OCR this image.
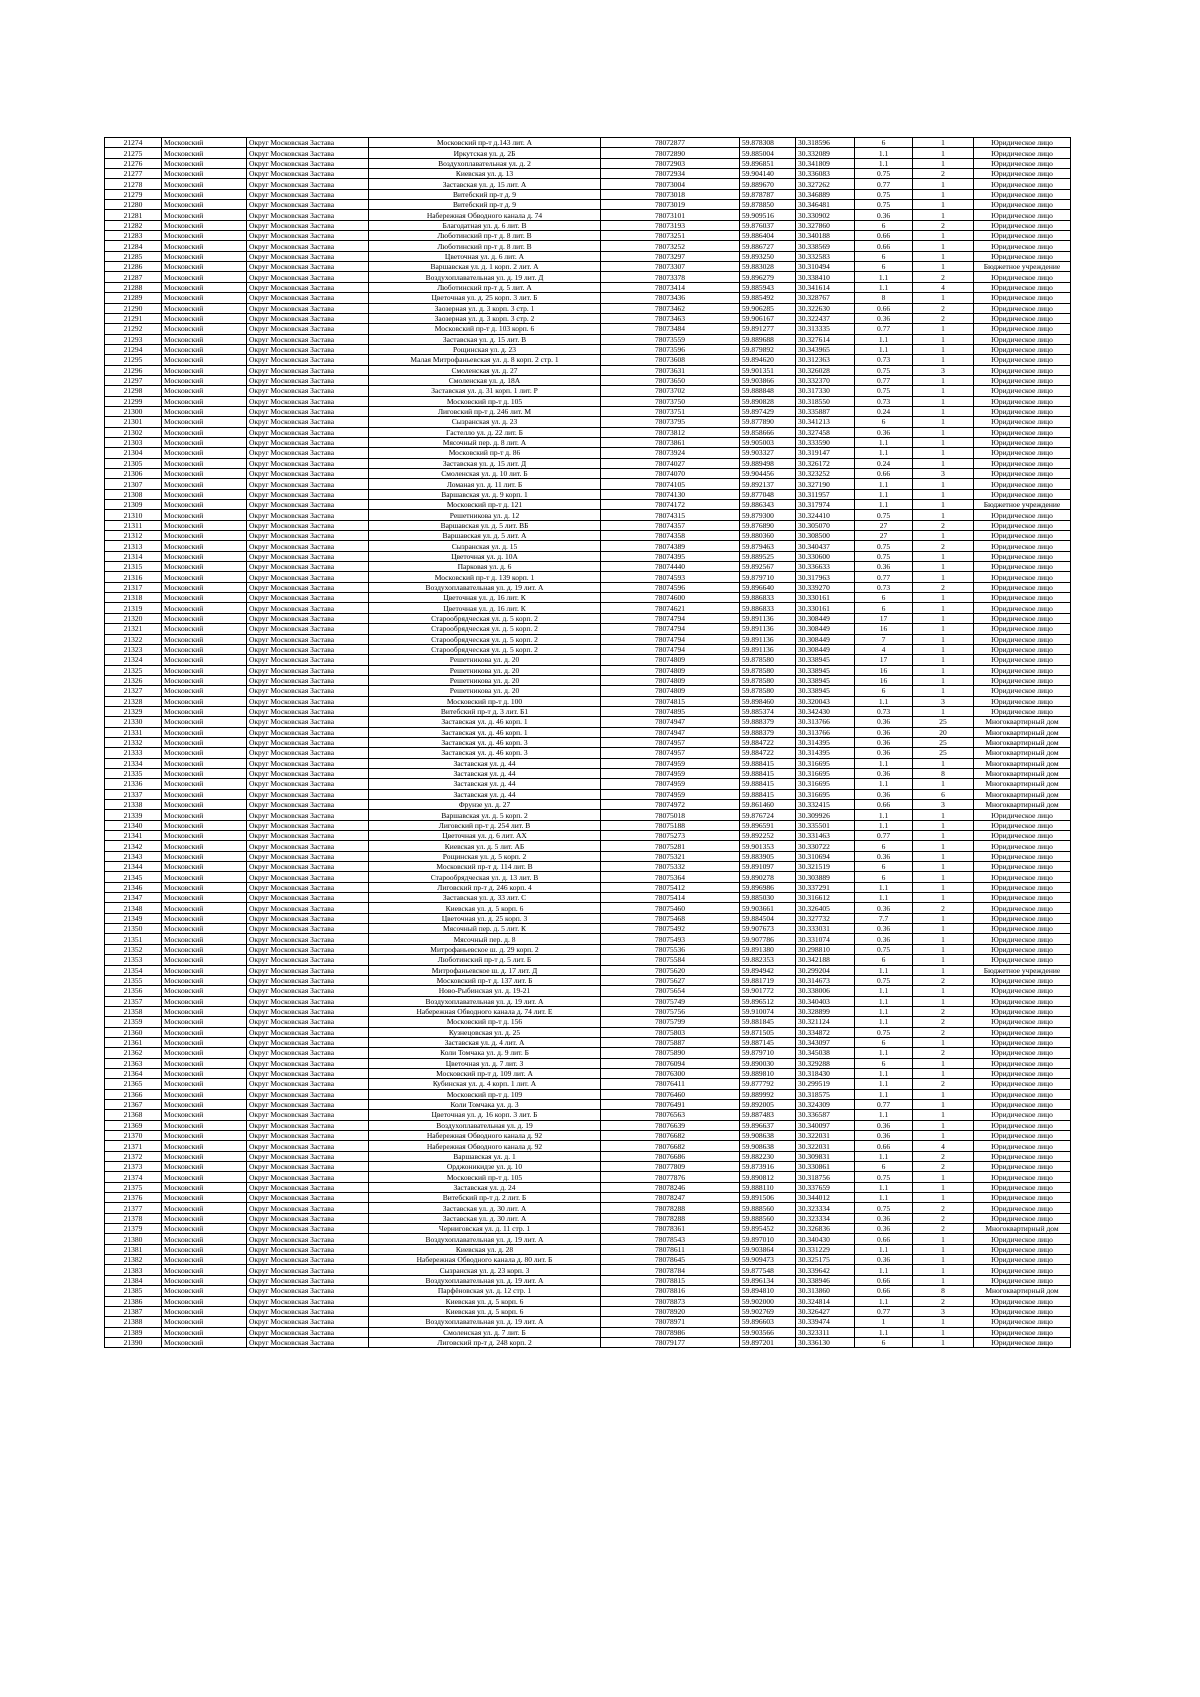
21274	Московский	Округ Московская Застава	Московский пр-т д.143 лит. А	78072877	59.878308	30.318596	6	1	Юридическое лицо
21275	Московский	Округ Московская Застава	Иркутская ул. д. 2Б	78072890	59.885004	30.332089	1.1	1	Юридическое лицо
21276	Московский	Округ Московская Застава	Воздухоплавательная ул. д. 2	78072903	59.896851	30.341809	1.1	1	Юридическое лицо
21277	Московский	Округ Московская Застава	Киевская ул. д. 13	78072934	59.904140	30.336083	0.75	2	Юридическое лицо
21278	Московский	Округ Московская Застава	Заставская ул. д. 15 лит. А	78073004	59.889670	30.327262	0.77	1	Юридическое лицо
21279	Московский	Округ Московская Застава	Витебский пр-т д. 9	78073018	59.878787	30.346889	0.75	1	Юридическое лицо
21280	Московский	Округ Московская Застава	Витебский пр-т д. 9	78073019	59.878850	30.346481	0.75	1	Юридическое лицо
21281	Московский	Округ Московская Застава	Набережная Обводного канала д. 74	78073101	59.909516	30.330902	0.36	1	Юридическое лицо
21282	Московский	Округ Московская Застава	Благодатная ул. д. 6 лит. В	78073193	59.876037	30.327860	6	2	Юридическое лицо
21283	Московский	Округ Московская Застава	Люботинский пр-т д. 8 лит. В	78073251	59.886404	30.340188	0.66	1	Юридическое лицо
21284	Московский	Округ Московская Застава	Люботинский пр-т д. 8 лит. В	78073252	59.886727	30.338569	0.66	1	Юридическое лицо
21285	Московский	Округ Московская Застава	Цветочная ул. д. 6 лит. А	78073297	59.893250	30.332583	6	1	Юридическое лицо
21286	Московский	Округ Московская Застава	Варшавская ул. д. 1 корп. 2 лит. А	78073307	59.883028	30.310494	6	1	Бюджетное учреждение
21287	Московский	Округ Московская Застава	Воздухоплавательная ул. д. 19 лит. Д	78073378	59.896279	30.338410	1.1	2	Юридическое лицо
21288	Московский	Округ Московская Застава	Люботинский пр-т д. 5 лит. А	78073414	59.885943	30.341614	1.1	4	Юридическое лицо
21289	Московский	Округ Московская Застава	Цветочная ул. д. 25 корп. 3 лит. Б	78073436	59.885492	30.328767	8	1	Юридическое лицо
21290	Московский	Округ Московская Застава	Заозерная ул. д. 3 корп. 3 стр. 1	78073462	59.906285	30.322630	0.66	2	Юридическое лицо
21291	Московский	Округ Московская Застава	Заозерная ул. д. 3 корп. 3 стр. 2	78073463	59.906167	30.322437	0.36	2	Юридическое лицо
21292	Московский	Округ Московская Застава	Московский пр-т д. 103 корп. 6	78073484	59.891277	30.313335	0.77	1	Юридическое лицо
21293	Московский	Округ Московская Застава	Заставская ул. д. 15 лит. В	78073559	59.889688	30.327614	1.1	1	Юридическое лицо
21294	Московский	Округ Московская Застава	Рощинская ул. д. 23	78073596	59.879892	30.343965	1.1	1	Юридическое лицо
21295	Московский	Округ Московская Застава	Малая Митрофаньевская ул. д. 8 корп. 2 стр. 1	78073608	59.894620	30.312363	0.73	1	Юридическое лицо
21296	Московский	Округ Московская Застава	Смоленская ул. д. 27	78073631	59.901351	30.326028	0.75	3	Юридическое лицо
21297	Московский	Округ Московская Застава	Смоленская ул. д. 18А	78073650	59.903866	30.332370	0.77	1	Юридическое лицо
21298	Московский	Округ Московская Застава	Заставская ул. д. 31 корп. 1 лит. Р	78073702	59.888848	30.317330	0.75	1	Юридическое лицо
21299	Московский	Округ Московская Застава	Московский пр-т д. 105	78073750	59.890828	30.318550	0.73	1	Юридическое лицо
21300	Московский	Округ Московская Застава	Лиговский пр-т д. 246 лит. М	78073751	59.897429	30.335887	0.24	1	Юридическое лицо
21301	Московский	Округ Московская Застава	Сызранская ул. д. 23	78073795	59.877890	30.341213	6	1	Юридическое лицо
21302	Московский	Округ Московская Застава	Гастелло ул. д. 22 лит. Б	78073812	59.858666	30.327458	0.36	1	Юридическое лицо
21303	Московский	Округ Московская Застава	Мясочный пер. д. 8 лит. А	78073861	59.905003	30.333590	1.1	1	Юридическое лицо
21304	Московский	Округ Московская Застава	Московский пр-т д. 86	78073924	59.903327	30.319147	1.1	1	Юридическое лицо
21305	Московский	Округ Московская Застава	Заставская ул. д. 15 лит. Д	78074027	59.889498	30.326172	0.24	1	Юридическое лицо
21306	Московский	Округ Московская Застава	Смоленская ул. д. 10 лит. Б	78074070	59.904456	30.323252	0.66	3	Юридическое лицо
21307	Московский	Округ Московская Застава	Ломаная ул. д. 11 лит. Б	78074105	59.892137	30.327190	1.1	1	Юридическое лицо
21308	Московский	Округ Московская Застава	Варшавская ул. д. 9 корп. 1	78074130	59.877048	30.311957	1.1	1	Юридическое лицо
21309	Московский	Округ Московская Застава	Московский пр-т д. 121	78074172	59.886343	30.317974	1.1	1	Бюджетное учреждение
21310	Московский	Округ Московская Застава	Решетникова ул. д. 12	78074315	59.879300	30.324410	0.75	1	Юридическое лицо
21311	Московский	Округ Московская Застава	Варшавская ул. д. 5 лит. ВБ	78074357	59.876890	30.305070	27	2	Юридическое лицо
21312	Московский	Округ Московская Застава	Варшавская ул. д. 5 лит. А	78074358	59.880360	30.308500	27	1	Юридическое лицо
21313	Московский	Округ Московская Застава	Сызранская ул. д. 15	78074389	59.879463	30.340437	0.75	2	Юридическое лицо
21314	Московский	Округ Московская Застава	Цветочная ул. д. 10А	78074395	59.889525	30.330600	0.75	1	Юридическое лицо
21315	Московский	Округ Московская Застава	Парковая ул. д. 6	78074440	59.892567	30.336633	0.36	1	Юридическое лицо
21316	Московский	Округ Московская Застава	Московский пр-т д. 139 корп. 1	78074593	59.879710	30.317963	0.77	1	Юридическое лицо
21317	Московский	Округ Московская Застава	Воздухоплавательная ул. д. 19 лит. А	78074596	59.896640	30.339270	0.73	2	Юридическое лицо
21318	Московский	Округ Московская Застава	Цветочная ул. д. 16 лит. К	78074600	59.886833	30.330161	6	1	Юридическое лицо
21319	Московский	Округ Московская Застава	Цветочная ул. д. 16 лит. К	78074621	59.886833	30.330161	6	1	Юридическое лицо
21320	Московский	Округ Московская Застава	Старообрядческая ул. д. 5 корп. 2	78074794	59.891136	30.308449	17	1	Юридическое лицо
21321	Московский	Округ Московская Застава	Старообрядческая ул. д. 5 корп. 2	78074794	59.891136	30.308449	16	1	Юридическое лицо
21322	Московский	Округ Московская Застава	Старообрядческая ул. д. 5 корп. 2	78074794	59.891136	30.308449	7	1	Юридическое лицо
21323	Московский	Округ Московская Застава	Старообрядческая ул. д. 5 корп. 2	78074794	59.891136	30.308449	4	1	Юридическое лицо
21324	Московский	Округ Московская Застава	Решетникова ул. д. 20	78074809	59.878580	30.338945	17	1	Юридическое лицо
21325	Московский	Округ Московская Застава	Решетникова ул. д. 20	78074809	59.878580	30.338945	16	1	Юридическое лицо
21326	Московский	Округ Московская Застава	Решетникова ул. д. 20	78074809	59.878580	30.338945	16	1	Юридическое лицо
21327	Московский	Округ Московская Застава	Решетникова ул. д. 20	78074809	59.878580	30.338945	6	1	Юридическое лицо
21328	Московский	Округ Московская Застава	Московский пр-т д. 100	78074815	59.898460	30.320043	1.1	3	Юридическое лицо
21329	Московский	Округ Московская Застава	Витебский пр-т д. 3 лит. Б1	78074895	59.885374	30.342430	0.73	1	Юридическое лицо
21330	Московский	Округ Московская Застава	Заставская ул. д. 46 корп. 1	78074947	59.888379	30.313766	0.36	25	Многоквартирный дом
21331	Московский	Округ Московская Застава	Заставская ул. д. 46 корп. 1	78074947	59.888379	30.313766	0.36	20	Многоквартирный дом
21332	Московский	Округ Московская Застава	Заставская ул. д. 46 корп. 3	78074957	59.884722	30.314395	0.36	25	Многоквартирный дом
21333	Московский	Округ Московская Застава	Заставская ул. д. 46 корп. 3	78074957	59.884722	30.314395	0.36	25	Многоквартирный дом
21334	Московский	Округ Московская Застава	Заставская ул. д. 44	78074959	59.888415	30.316695	1.1	1	Многоквартирный дом
21335	Московский	Округ Московская Застава	Заставская ул. д. 44	78074959	59.888415	30.316695	0.36	8	Многоквартирный дом
21336	Московский	Округ Московская Застава	Заставская ул. д. 44	78074959	59.888415	30.316695	1.1	1	Многоквартирный дом
21337	Московский	Округ Московская Застава	Заставская ул. д. 44	78074959	59.888415	30.316695	0.36	6	Многоквартирный дом
21338	Московский	Округ Московская Застава	Фрунзе ул. д. 27	78074972	59.861460	30.332415	0.66	3	Многоквартирный дом
21339	Московский	Округ Московская Застава	Варшавская ул. д. 5 корп. 2	78075018	59.876724	30.309926	1.1	1	Юридическое лицо
21340	Московский	Округ Московская Застава	Лиговский пр-т д. 254 лит. В	78075188	59.896591	30.335501	1.1	1	Юридическое лицо
21341	Московский	Округ Московская Застава	Цветочная ул. д. 6 лит. АХ	78075273	59.892252	30.331463	0.77	1	Юридическое лицо
21342	Московский	Округ Московская Застава	Киевская ул. д. 5 лит. АБ	78075281	59.901353	30.330722	6	1	Юридическое лицо
21343	Московский	Округ Московская Застава	Рощинская ул. д. 5 корп. 2	78075321	59.883905	30.310694	0.36	1	Юридическое лицо
21344	Московский	Округ Московская Застава	Московский пр-т д. 114 лит. В	78075332	59.891097	30.321519	6	1	Юридическое лицо
21345	Московский	Округ Московская Застава	Старообрядческая ул. д. 13 лит. В	78075364	59.890278	30.303889	6	1	Юридическое лицо
21346	Московский	Округ Московская Застава	Лиговский пр-т д. 246 корп. 4	78075412	59.896986	30.337291	1.1	1	Юридическое лицо
21347	Московский	Округ Московская Застава	Заставская ул. д. 33 лит. С	78075414	59.885030	30.316612	1.1	1	Юридическое лицо
21348	Московский	Округ Московская Застава	Киевская ул. д. 5 корп. 6	78075460	59.903661	30.326405	0.36	2	Юридическое лицо
21349	Московский	Округ Московская Застава	Цветочная ул. д. 25 корп. 3	78075468	59.884504	30.327732	7.7	1	Юридическое лицо
21350	Московский	Округ Московская Застава	Мясочный пер. д. 5 лит. К	78075492	59.907673	30.333031	0.36	1	Юридическое лицо
21351	Московский	Округ Московская Застава	Мясочный пер. д. 8	78075493	59.907786	30.331074	0.36	1	Юридическое лицо
21352	Московский	Округ Московская Застава	Митрофаньевское ш. д. 29 корп. 2	78075536	59.891380	30.298810	0.75	1	Юридическое лицо
21353	Московский	Округ Московская Застава	Люботинский пр-т д. 5 лит. Б	78075584	59.882353	30.342188	6	1	Юридическое лицо
21354	Московский	Округ Московская Застава	Митрофаньевское ш. д. 17 лит. Д	78075620	59.894942	30.299204	1.1	1	Бюджетное учреждение
21355	Московский	Округ Московская Застава	Московский пр-т д. 137 лит. Б	78075627	59.881719	30.314673	0.75	2	Юридическое лицо
21356	Московский	Округ Московская Застава	Ново-Рыбинская ул. д. 19-21	78075654	59.901772	30.338006	1.1	1	Юридическое лицо
21357	Московский	Округ Московская Застава	Воздухоплавательная ул. д. 19 лит. А	78075749	59.896512	30.340403	1.1	1	Юридическое лицо
21358	Московский	Округ Московская Застава	Набережная Обводного канала д. 74 лит. Е	78075756	59.910074	30.328899	1.1	2	Юридическое лицо
21359	Московский	Округ Московская Застава	Московский пр-т д. 156	78075799	59.881845	30.321124	1.1	2	Юридическое лицо
21360	Московский	Округ Московская Застава	Кузнецовская ул. д. 25	78075803	59.871505	30.334872	0.75	2	Юридическое лицо
21361	Московский	Округ Московская Застава	Заставская ул. д. 4 лит. А	78075887	59.887145	30.343097	6	1	Юридическое лицо
21362	Московский	Округ Московская Застава	Коли Томчака ул. д. 9 лит. Б	78075890	59.879710	30.345038	1.1	2	Юридическое лицо
21363	Московский	Округ Московская Застава	Цветочная ул. д. 7 лит. З	78076094	59.890030	30.329288	6	1	Юридическое лицо
21364	Московский	Округ Московская Застава	Московский пр-т д. 109 лит. А	78076300	59.889810	30.318430	1.1	1	Юридическое лицо
21365	Московский	Округ Московская Застава	Кубинская ул. д. 4 корп. 1 лит. А	78076411	59.877792	30.299519	1.1	2	Юридическое лицо
21366	Московский	Округ Московская Застава	Московский пр-т д. 109	78076460	59.889992	30.318575	1.1	1	Юридическое лицо
21367	Московский	Округ Московская Застава	Коли Томчака ул. д. 3	78076491	59.892005	30.324309	0.77	1	Юридическое лицо
21368	Московский	Округ Московская Застава	Цветочная ул. д. 16 корп. 3 лит. Б	78076563	59.887483	30.336587	1.1	1	Юридическое лицо
21369	Московский	Округ Московская Застава	Воздухоплавательная ул. д. 19	78076639	59.896637	30.340097	0.36	1	Юридическое лицо
21370	Московский	Округ Московская Застава	Набережная Обводного канала д. 92	78076682	59.908638	30.322031	0.36	1	Юридическое лицо
21371	Московский	Округ Московская Застава	Набережная Обводного канала д. 92	78076682	59.908638	30.322031	0.66	4	Юридическое лицо
21372	Московский	Округ Московская Застава	Варшавская ул. д. 1	78076686	59.882230	30.309831	1.1	2	Юридическое лицо
21373	Московский	Округ Московская Застава	Орджоникидзе ул. д. 10	78077809	59.873916	30.330861	6	2	Юридическое лицо
21374	Московский	Округ Московская Застава	Московский пр-т д. 105	78077876	59.890812	30.318756	0.75	1	Юридическое лицо
21375	Московский	Округ Московская Застава	Заставская ул. д. 24	78078246	59.888110	30.337659	1.1	1	Юридическое лицо
21376	Московский	Округ Московская Застава	Витебский пр-т д. 2 лит. Б	78078247	59.891506	30.344012	1.1	1	Юридическое лицо
21377	Московский	Округ Московская Застава	Заставская ул. д. 30 лит. А	78078288	59.888560	30.323334	0.75	2	Юридическое лицо
21378	Московский	Округ Московская Застава	Заставская ул. д. 30 лит. А	78078288	59.888560	30.323334	0.36	2	Юридическое лицо
21379	Московский	Округ Московская Застава	Черниговская ул. д. 11 стр. 1	78078361	59.895452	30.326836	0.36	2	Многоквартирный дом
21380	Московский	Округ Московская Застава	Воздухоплавательная ул. д. 19 лит. А	78078543	59.897010	30.340430	0.66	1	Юридическое лицо
21381	Московский	Округ Московская Застава	Киевская ул. д. 28	78078611	59.903864	30.331229	1.1	1	Юридическое лицо
21382	Московский	Округ Московская Застава	Набережная Обводного канала д. 80 лит. Б	78078645	59.909473	30.325175	0.36	1	Юридическое лицо
21383	Московский	Округ Московская Застава	Сызранская ул. д. 23 корп. 3	78078784	59.877548	30.339642	1.1	1	Юридическое лицо
21384	Московский	Округ Московская Застава	Воздухоплавательная ул. д. 19 лит. А	78078815	59.896134	30.338946	0.66	1	Юридическое лицо
21385	Московский	Округ Московская Застава	Парфёновская ул. д. 12 стр. 1	78078816	59.894810	30.313860	0.66	8	Многоквартирный дом
21386	Московский	Округ Московская Застава	Киевская ул. д. 5 корп. 6	78078873	59.902000	30.324814	1.1	2	Юридическое лицо
21387	Московский	Округ Московская Застава	Киевская ул. д. 5 корп. 6	78078920	59.902769	30.326427	0.77	3	Юридическое лицо
21388	Московский	Округ Московская Застава	Воздухоплавательная ул. д. 19 лит. А	78078971	59.896603	30.339474	1	1	Юридическое лицо
21389	Московский	Округ Московская Застава	Смоленская ул. д. 7 лит. Б	78078986	59.903566	30.323311	1.1	1	Юридическое лицо
21390	Московский	Округ Московская Застава	Лиговский пр-т д. 248 корп. 2	78079177	59.897201	30.336130	6	1	Юридическое лицо
